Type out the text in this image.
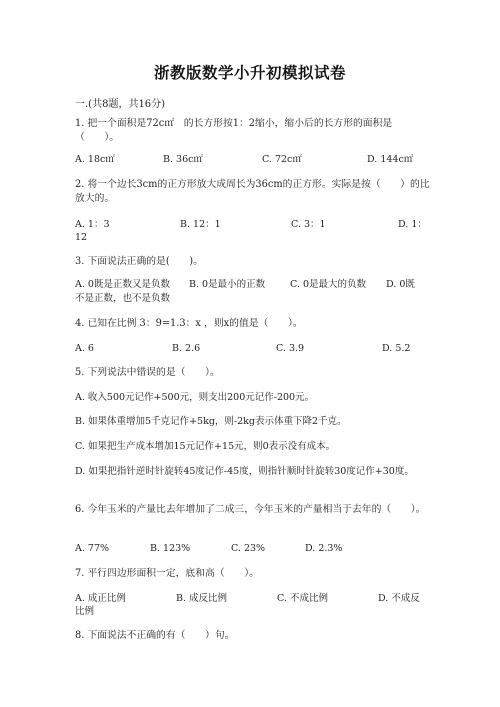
浙教版数学小升初模拟试卷
一.(共8题，共16分)
1. 把一个面积是72c㎡　的长方形按1：2缩小，缩小后的长方形的面积是（　　）。
A. 18c㎡	B. 36c㎡	C. 72c㎡	D. 144c㎡
2. 将一个边长3cm的正方形放大成周长为36cm的正方形。实际是按（　　）的比放大的。
A. 1：3	B. 12：1	C. 3：1	D. 1：
12
3. 下面说法正确的是(　　)。
A. 0既是正数又是负数 B. 0是最小的正数	C. 0是最大的负数 D. 0既
不是正数，也不是负数
4. 已知在比例 3：9=1.3：x ，则x的值是（　　）。
A. 6	B. 2.6	C. 3.9	D. 5.2
5. 下列说法中错误的是（　　）。
A. 收入500元记作+500元，则支出200元记作-200元。
B. 如果体重增加5千克记作+5kg，则-2kg表示体重下降2千克。
C. 如果把生产成本增加15元记作+15元，则0表示没有成本。
D. 如果把指针逆时针旋转45度记作-45度，则指针顺时针旋转30度记作+30度。
6. 今年玉米的产量比去年增加了二成三，今年玉米的产量相当于去年的（　　）。
A. 77%	B. 123%	C. 23%	D. 2.3%
7. 平行四边形面积一定，底和高（　　）。
A. 成正比例	B. 成反比例	C. 不成比例	D. 不成反
比例
8. 下面说法不正确的有（　　）句。
